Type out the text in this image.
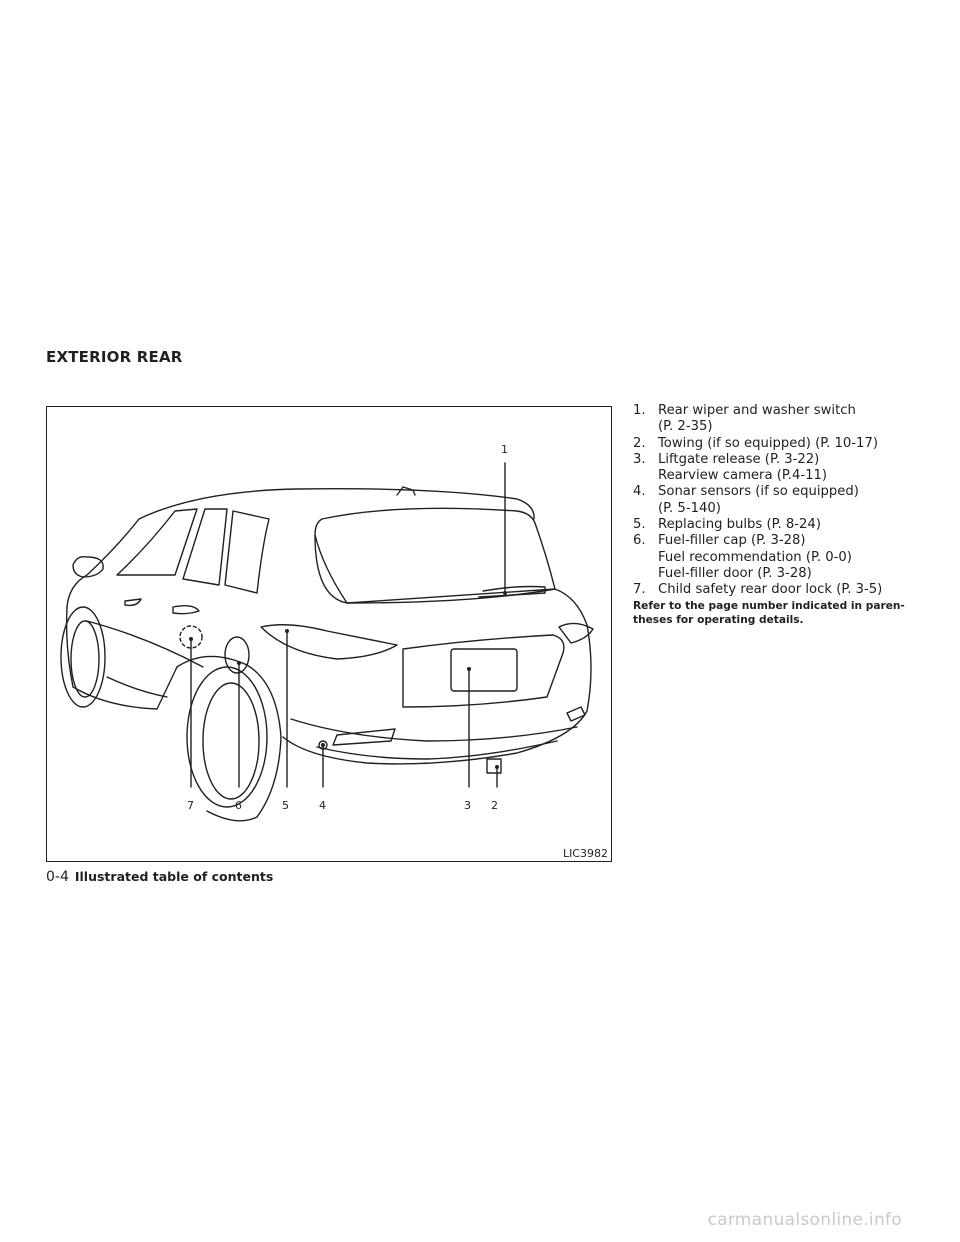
EXTERIOR REAR
1
2
3
4
5
6
7
LIC3982
1. Rear wiper and washer switch
(P. 2-35)
2. Towing (if so equipped) (P. 10-17)
3. Liftgate release (P. 3-22)
Rearview camera (P.4-11)
4. Sonar sensors (if so equipped)
(P. 5-140)
5. Replacing bulbs (P. 8-24)
6. Fuel-filler cap (P. 3-28)
Fuel recommendation (P. 0-0)
Fuel-filler door (P. 3-28)
7. Child safety rear door lock (P. 3-5)
Refer to the page number indicated in paren- theses for operating details.
0-4 Illustrated table of contents
carmanualsonline.info
